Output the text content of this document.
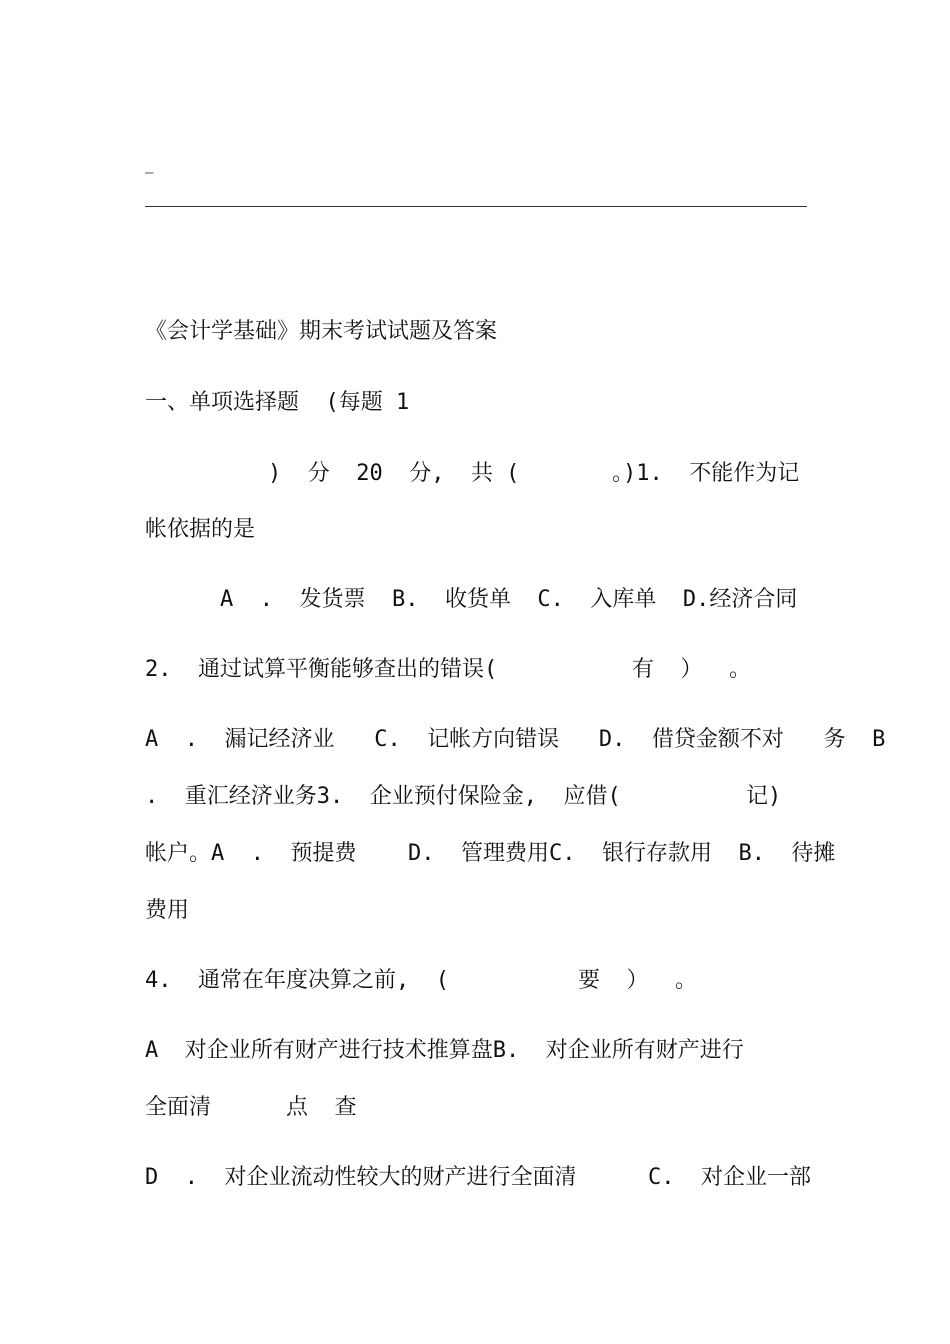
–
《会计学基础》期末考试试题及答案
一、单项选择题  (每题 1
)  分  20  分,  共 (	。)1.  不能作为记
帐依据的是
A  .  发货票  B.  收货单  C.  入库单  D.经济合同
2.  通过试算平衡能够查出的错误(	有  ）  。
A  .  漏记经济业   C.  记帐方向错误   D.  借贷金额不对   务  B
.  重汇经济业务3.  企业预付保险金,  应借(	记)
帐户。A  .  预提费 D.  管理费用C.  银行存款用  B.  待摊
费用
4.  通常在年度决算之前,  (	要  ）  。
A  对企业所有财产进行技术推算盘B.  对企业所有财产进行
全面清	点  查
D  .  对企业流动性较大的财产进行全面清	C.  对企业一部
